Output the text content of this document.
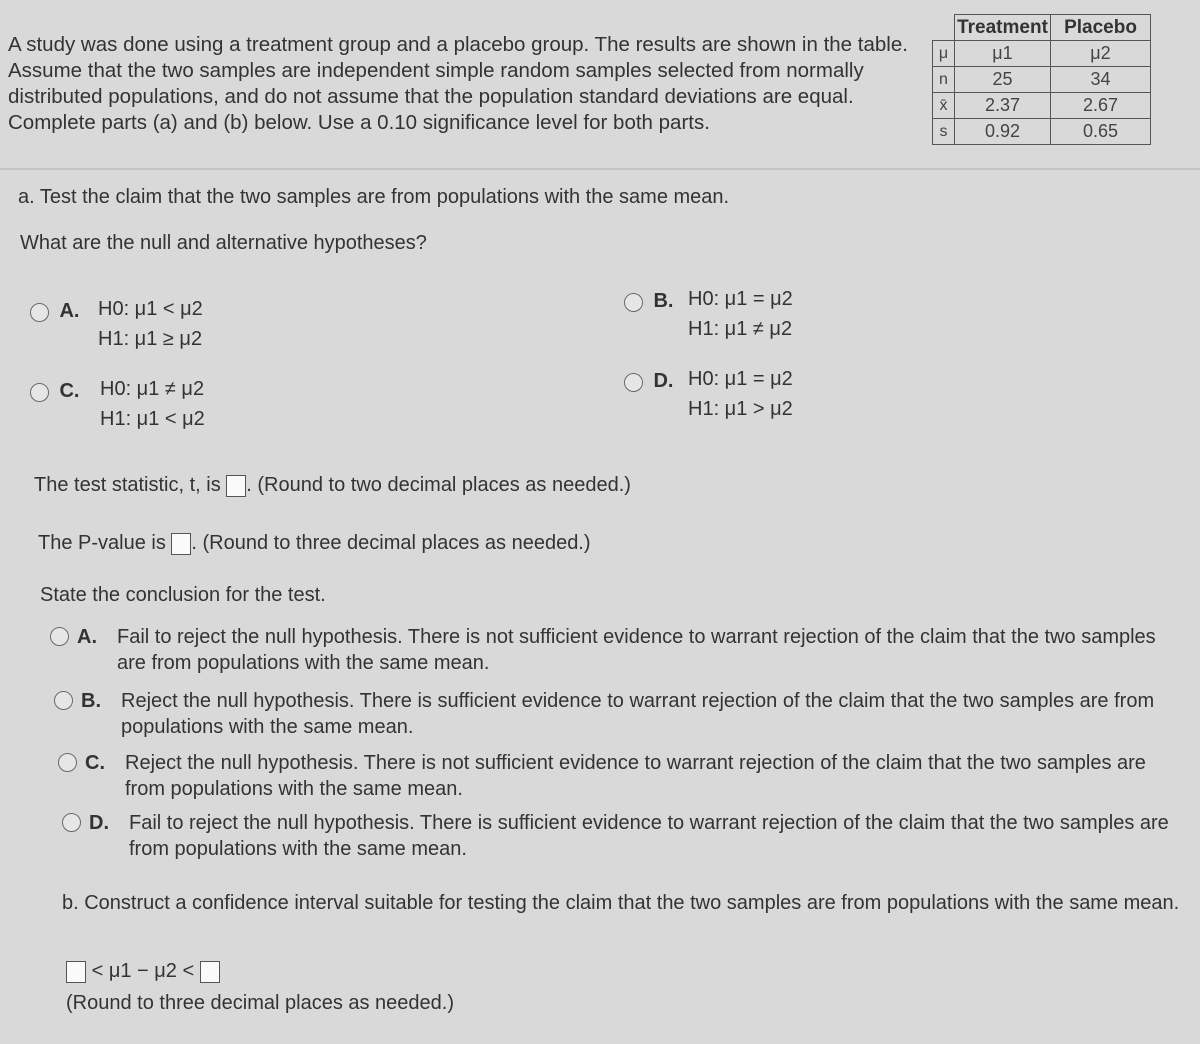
A study was done using a treatment group and a placebo group. The results are shown in the table.
Assume that the two samples are independent simple random samples selected from normally
distributed populations, and do not assume that the population standard deviations are equal.
Complete parts (a) and (b) below. Use a 0.10 significance level for both parts.
	Treatment	Placebo
μ	μ1	μ2
n	25	34
x̄	2.37	2.67
s	0.92	0.65
a. Test the claim that the two samples are from populations with the same mean.
What are the null and alternative hypotheses?
A. H0: μ1 < μ2
H1: μ1 ≥ μ2
B. H0: μ1 = μ2
H1: μ1 ≠ μ2
C. H0: μ1 ≠ μ2
H1: μ1 < μ2
D. H0: μ1 = μ2
H1: μ1 > μ2
The test statistic, t, is . (Round to two decimal places as needed.)
The P-value is . (Round to three decimal places as needed.)
State the conclusion for the test.
A.	Fail to reject the null hypothesis. There is not sufficient evidence to warrant rejection of the claim that the two samples
are from populations with the same mean.
B.	Reject the null hypothesis. There is sufficient evidence to warrant rejection of the claim that the two samples are from
populations with the same mean.
C.	Reject the null hypothesis. There is not sufficient evidence to warrant rejection of the claim that the two samples are
from populations with the same mean.
D.	Fail to reject the null hypothesis. There is sufficient evidence to warrant rejection of the claim that the two samples are
from populations with the same mean.
b. Construct a confidence interval suitable for testing the claim that the two samples are from populations with the same mean.
< μ1 − μ2 <
(Round to three decimal places as needed.)
